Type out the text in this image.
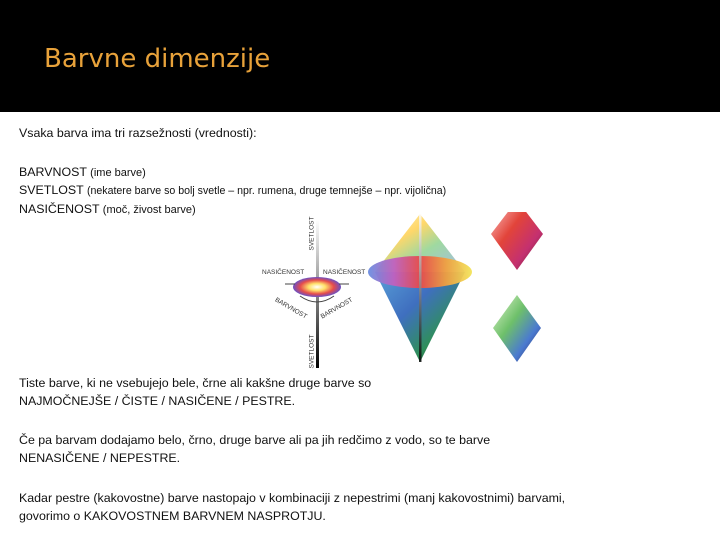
Barvne dimenzije
Vsaka barva ima tri razsežnosti (vrednosti):
BARVNOST (ime barve)
SVETLOST (nekatere barve so bolj svetle – npr. rumena, druge temnejše – npr. vijolična)
NASIČENOST (moč, živost barve)
SVETLOST
SVETLOST
NASIČENOST	NASIČENOST
BARVNOST BARVNOST
Tiste barve, ki ne vsebujejo bele, črne ali kakšne druge barve so
NAJMOČNEJŠE / ČISTE / NASIČENE / PESTRE.
Če pa barvam dodajamo belo, črno, druge barve ali pa jih redčimo z vodo, so te barve
NENASIČENE / NEPESTRE.
Kadar pestre (kakovostne) barve nastopajo v kombinaciji z nepestrimi (manj kakovostnimi) barvami,
govorimo o KAKOVOSTNEM BARVNEM NASPROTJU.
